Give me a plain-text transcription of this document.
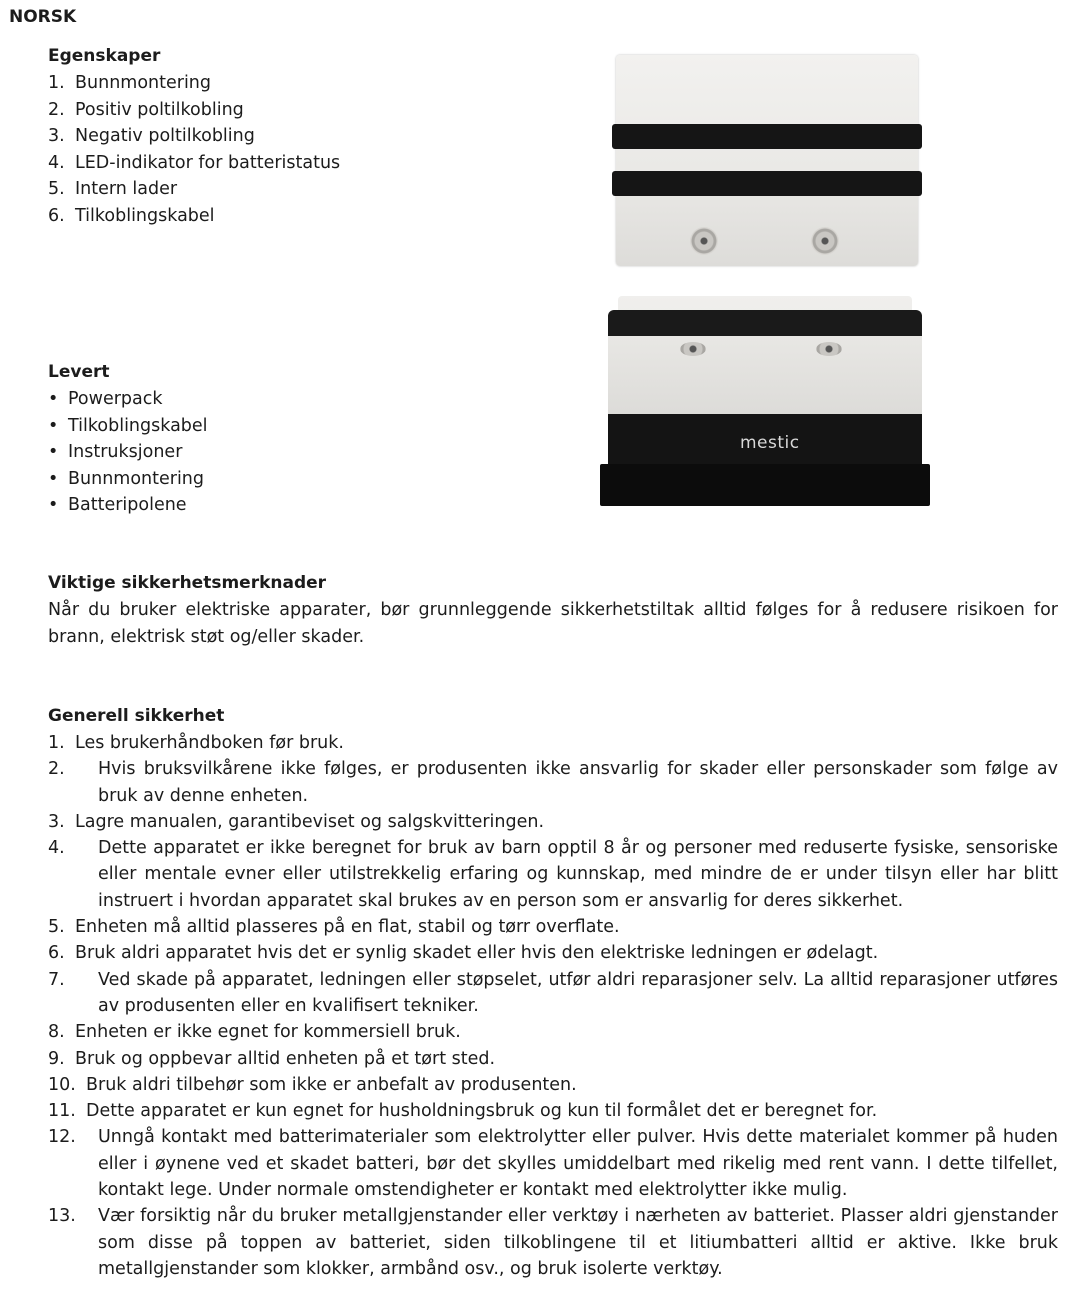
NORSK
Egenskaper
1. Bunnmontering
2. Positiv poltilkobling
3. Negativ poltilkobling
4. LED-indikator for batteristatus
5. Intern lader
6. Tilkoblingskabel
Levert
• Powerpack
• Tilkoblingskabel
• Instruksjoner
• Bunnmontering
• Batteripolene
mestic
Viktige sikkerhetsmerknader

Når du bruker elektriske apparater, bør grunnleggende sikkerhetstiltak alltid følges for å redusere risikoen for brann, elektrisk støt og/eller skader.

Generell sikkerhet
1. Les brukerhåndboken før bruk.
2. Hvis bruksvilkårene ikke følges, er produsenten ikke ansvarlig for skader eller personskader som følge av bruk av denne enheten.
3. Lagre manualen, garantibeviset og salgskvitteringen.
4. Dette apparatet er ikke beregnet for bruk av barn opptil 8 år og personer med reduserte fysiske, sensoriske eller mentale evner eller utilstrekkelig erfaring og kunnskap, med mindre de er under tilsyn eller har blitt instruert i hvordan apparatet skal brukes av en person som er ansvarlig for deres sikkerhet.
5. Enheten må alltid plasseres på en flat, stabil og tørr overflate.
6. Bruk aldri apparatet hvis det er synlig skadet eller hvis den elektriske ledningen er ødelagt.
7. Ved skade på apparatet, ledningen eller støpselet, utfør aldri reparasjoner selv. La alltid reparasjoner utføres av produsenten eller en kvalifisert tekniker.
8. Enheten er ikke egnet for kommersiell bruk.
9. Bruk og oppbevar alltid enheten på et tørt sted.
10. Bruk aldri tilbehør som ikke er anbefalt av produsenten.
11. Dette apparatet er kun egnet for husholdningsbruk og kun til formålet det er beregnet for.
12. Unngå kontakt med batterimaterialer som elektrolytter eller pulver. Hvis dette materialet kommer på huden eller i øynene ved et skadet batteri, bør det skylles umiddelbart med rikelig med rent vann. I dette tilfellet, kontakt lege. Under normale omstendigheter er kontakt med elektrolytter ikke mulig.
13. Vær forsiktig når du bruker metallgjenstander eller verktøy i nærheten av batteriet. Plasser aldri gjenstander som disse på toppen av batteriet, siden tilkoblingene til et litiumbatteri alltid er aktive. Ikke bruk metallgjenstander som klokker, armbånd osv., og bruk isolerte verktøy.
